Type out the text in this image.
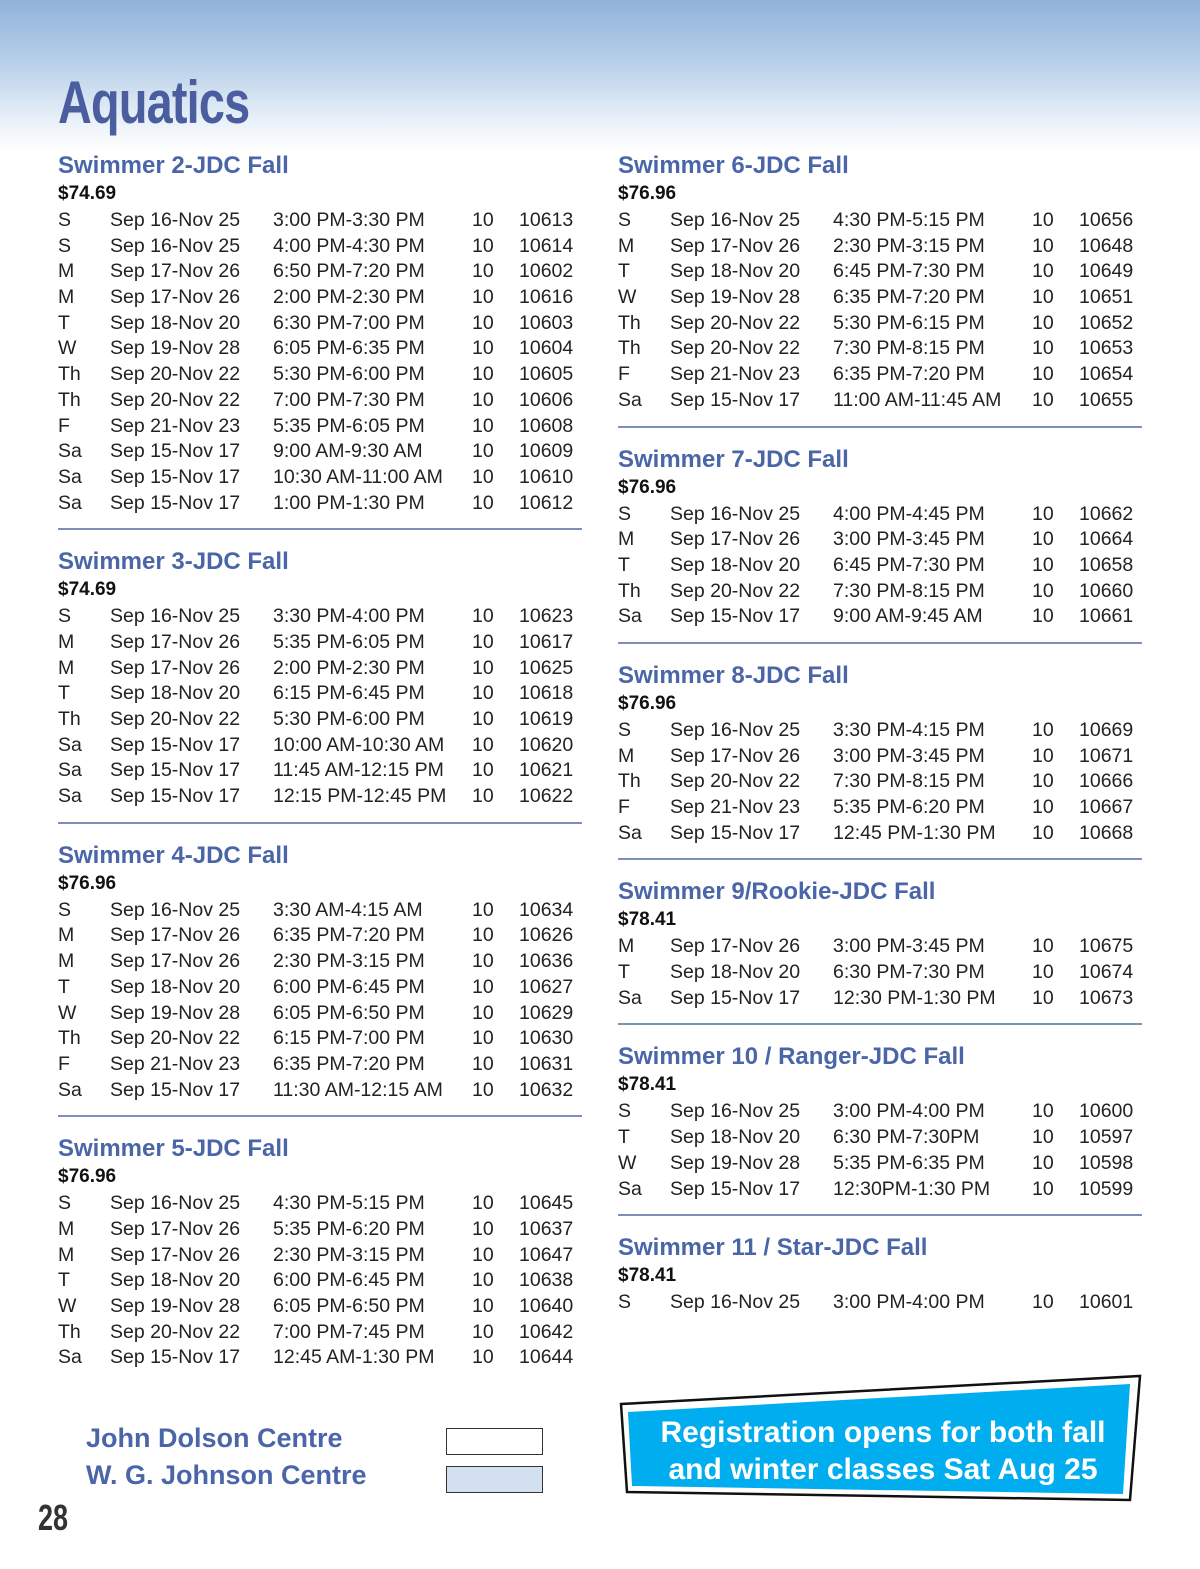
Aquatics
Swimmer 2-JDC Fall
$74.69
S Sep 16-Nov 25 3:00 PM-3:30 PM 10 10613
S Sep 16-Nov 25 4:00 PM-4:30 PM 10 10614
M Sep 17-Nov 26 6:50 PM-7:20 PM 10 10602
M Sep 17-Nov 26 2:00 PM-2:30 PM 10 10616
T Sep 18-Nov 20 6:30 PM-7:00 PM 10 10603
W Sep 19-Nov 28 6:05 PM-6:35 PM 10 10604
Th Sep 20-Nov 22 5:30 PM-6:00 PM 10 10605
Th Sep 20-Nov 22 7:00 PM-7:30 PM 10 10606
F Sep 21-Nov 23 5:35 PM-6:05 PM 10 10608
Sa Sep 15-Nov 17 9:00 AM-9:30 AM	10 10609
Sa Sep 15-Nov 17 10:30 AM-11:00 AM 10 10610
Sa Sep 15-Nov 17 1:00 PM-1:30 PM 10 10612
Swimmer 3-JDC Fall
$74.69
S Sep 16-Nov 25 3:30 PM-4:00 PM 10 10623
M Sep 17-Nov 26 5:35 PM-6:05 PM 10 10617
M Sep 17-Nov 26 2:00 PM-2:30 PM 10 10625
T Sep 18-Nov 20 6:15 PM-6:45 PM 10 10618
Th Sep 20-Nov 22 5:30 PM-6:00 PM 10 10619
Sa Sep 15-Nov 17 10:00 AM-10:30 AM 10 10620
Sa Sep 15-Nov 17 11:45 AM-12:15 PM 10 10621
Sa Sep 15-Nov 17 12:15 PM-12:45 PM 10 10622
Swimmer 4-JDC Fall
$76.96
S Sep 16-Nov 25 3:30 AM-4:15 AM	10 10634
M Sep 17-Nov 26 6:35 PM-7:20 PM 10 10626
M Sep 17-Nov 26 2:30 PM-3:15 PM 10 10636
T Sep 18-Nov 20 6:00 PM-6:45 PM 10 10627
W Sep 19-Nov 28 6:05 PM-6:50 PM 10 10629
Th Sep 20-Nov 22 6:15 PM-7:00 PM 10 10630
F Sep 21-Nov 23 6:35 PM-7:20 PM 10 10631
Sa Sep 15-Nov 17 11:30 AM-12:15 AM 10 10632
Swimmer 5-JDC Fall
$76.96
S Sep 16-Nov 25 4:30 PM-5:15 PM 10 10645
M Sep 17-Nov 26 5:35 PM-6:20 PM 10 10637
M Sep 17-Nov 26 2:30 PM-3:15 PM 10 10647
T Sep 18-Nov 20 6:00 PM-6:45 PM 10 10638
W Sep 19-Nov 28 6:05 PM-6:50 PM 10 10640
Th Sep 20-Nov 22 7:00 PM-7:45 PM 10 10642
Sa Sep 15-Nov 17 12:45 AM-1:30 PM 10 10644
Swimmer 6-JDC Fall
$76.96
S Sep 16-Nov 25 4:30 PM-5:15 PM 10 10656
M Sep 17-Nov 26 2:30 PM-3:15 PM 10 10648
T Sep 18-Nov 20 6:45 PM-7:30 PM 10 10649
W Sep 19-Nov 28 6:35 PM-7:20 PM 10 10651
Th Sep 20-Nov 22 5:30 PM-6:15 PM 10 10652
Th Sep 20-Nov 22 7:30 PM-8:15 PM 10 10653
F Sep 21-Nov 23 6:35 PM-7:20 PM 10 10654
Sa Sep 15-Nov 17 11:00 AM-11:45 AM 10 10655
Swimmer 7-JDC Fall
$76.96
S Sep 16-Nov 25 4:00 PM-4:45 PM 10 10662
M Sep 17-Nov 26 3:00 PM-3:45 PM 10 10664
T Sep 18-Nov 20 6:45 PM-7:30 PM 10 10658
Th Sep 20-Nov 22 7:30 PM-8:15 PM 10 10660
Sa Sep 15-Nov 17 9:00 AM-9:45 AM	10 10661
Swimmer 8-JDC Fall
$76.96
S Sep 16-Nov 25 3:30 PM-4:15 PM 10 10669
M Sep 17-Nov 26 3:00 PM-3:45 PM 10 10671
Th Sep 20-Nov 22 7:30 PM-8:15 PM 10 10666
F Sep 21-Nov 23 5:35 PM-6:20 PM 10 10667
Sa Sep 15-Nov 17 12:45 PM-1:30 PM 10 10668
Swimmer 9/Rookie-JDC Fall
$78.41
M Sep 17-Nov 26 3:00 PM-3:45 PM 10 10675
T Sep 18-Nov 20 6:30 PM-7:30 PM 10 10674
Sa Sep 15-Nov 17 12:30 PM-1:30 PM 10 10673
Swimmer 10 / Ranger-JDC Fall
$78.41
S Sep 16-Nov 25 3:00 PM-4:00 PM 10 10600
T Sep 18-Nov 20 6:30 PM-7:30PM	10 10597
W Sep 19-Nov 28 5:35 PM-6:35 PM 10 10598
Sa Sep 15-Nov 17 12:30PM-1:30 PM 10 10599
Swimmer 11 / Star-JDC Fall
$78.41
S Sep 16-Nov 25 3:00 PM-4:00 PM 10 10601
John Dolson Centre
W. G. Johnson Centre
Registration opens for both fall
and winter classes Sat Aug 25
28
